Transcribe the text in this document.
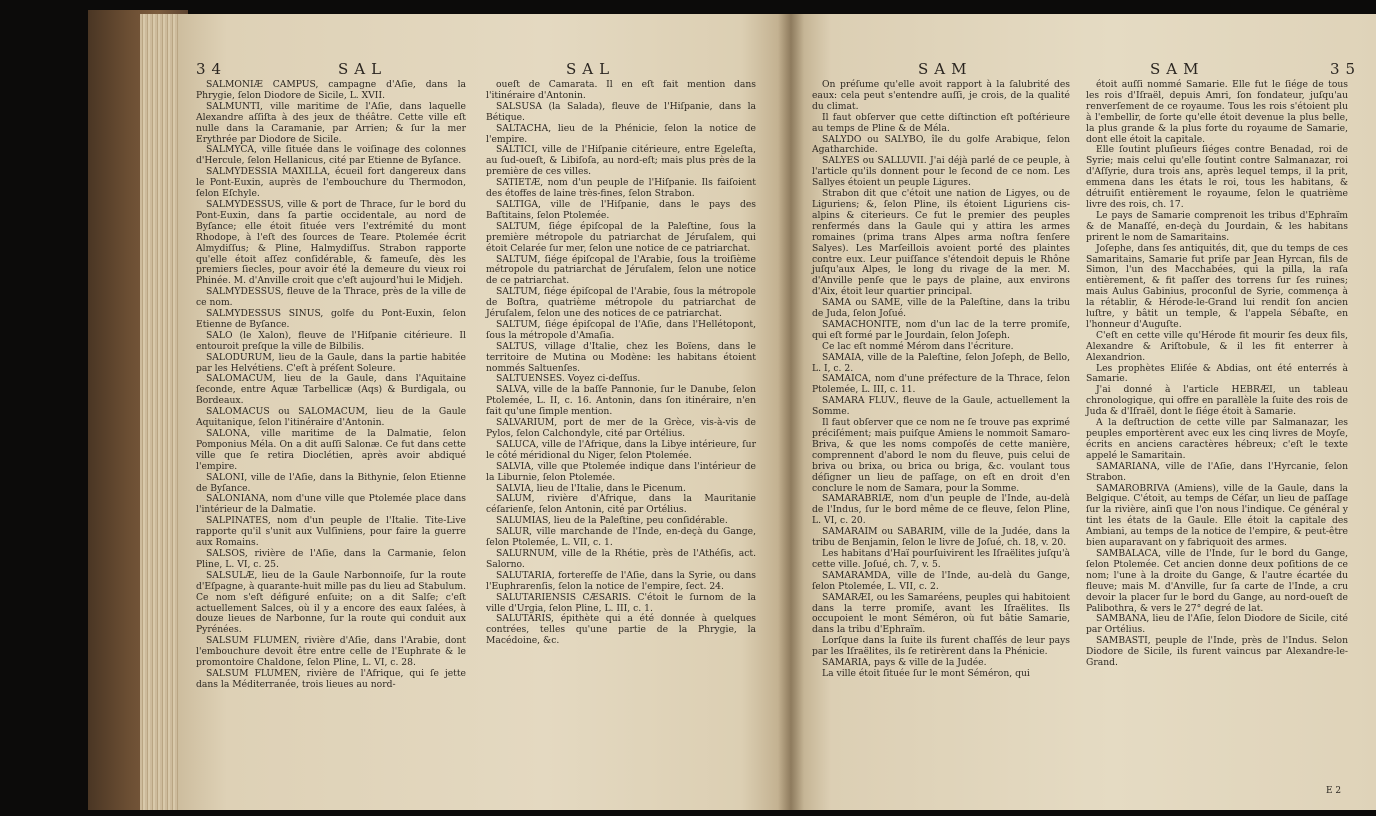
34	SAL	SAL

SALMONIÆ CAMPUS, campagne d'Aſie, dans la Phrygie, ſelon Diodore de Sicile, L. XVII.

SALMUNTI, ville maritime de l'Aſie, dans laquelle Alexandre aſſiſta à des jeux de théâtre. Cette ville eſt nulle dans la Caramanie, par Arrien; & ſur la mer Erythrée par Diodore de Sicile.

SALMYCA, ville ſituée dans le voiſinage des colonnes d'Hercule, ſelon Hellanicus, cité par Etienne de Byſance.

SALMYDESSIA MAXILLA, écueil fort dangereux dans le Pont-Euxin, auprès de l'embouchure du Thermodon, ſelon Eſchyle.

SALMYDESSUS, ville & port de Thrace, ſur le bord du Pont-Euxin, dans ſa partie occidentale, au nord de Byſance; elle étoit ſituée vers l'extrémité du mont Rhodope, à l'eſt des ſources de Teare. Ptolemée écrit Almydiſſus; & Pline, Halmydiſſus. Strabon rapporte qu'elle étoit aſſez conſidérable, & fameuſe, dès les premiers ſiecles, pour avoir été la demeure du vieux roi Phinée. M. d'Anville croit que c'eſt aujourd'hui le Midjeh.

SALMYDESSUS, fleuve de la Thrace, près de la ville de ce nom.

SALMYDESSUS SINUS, golfe du Pont-Euxin, ſelon Etienne de Byſance.

SALO (le Xalon), fleuve de l'Hiſpanie citérieure. Il entouroit preſque la ville de Bilbilis.

SALODURUM, lieu de la Gaule, dans la partie habitée par les Helvétiens. C'eſt à préſent Soleure.

SALOMACUM, lieu de la Gaule, dans l'Aquitaine ſeconde, entre Aquæ Tarbellicæ (Aqs) & Burdigala, ou Bordeaux.

SALOMACUS ou SALOMACUM, lieu de la Gaule Aquitanique, ſelon l'itinéraire d'Antonin.

SALONA, ville maritime de la Dalmatie, ſelon Pomponius Méla. On a dit auſſi Salonæ. Ce fut dans cette ville que ſe retira Dioclétien, après avoir abdiqué l'empire.

SALONI, ville de l'Aſie, dans la Bithynie, ſelon Etienne de Byſance.

SALONIANA, nom d'une ville que Ptolemée place dans l'intérieur de la Dalmatie.

SALPINATES, nom d'un peuple de l'Italie. Tite-Live rapporte qu'il s'unit aux Vulſiniens, pour faire la guerre aux Romains.

SALSOS, rivière de l'Aſie, dans la Carmanie, ſelon Pline, L. VI, c. 25.

SALSULÆ, lieu de la Gaule Narbonnoiſe, ſur la route d'Eſpagne, à quarante-huit mille pas du lieu ad Stabulum. Ce nom s'eſt défiguré enſuite; on a dit Salſe; c'eſt actuellement Salces, où il y a encore des eaux ſalées, à douze lieues de Narbonne, ſur la route qui conduit aux Pyrénées.

SALSUM FLUMEN, rivière d'Aſie, dans l'Arabie, dont l'embouchure devoit être entre celle de l'Euphrate & le promontoire Chaldone, ſelon Pline, L. VI, c. 28.

SALSUM FLUMEN, rivière de l'Afrique, qui ſe jette dans la Méditerranée, trois lieues au nord-

oueſt de Camarata. Il en eſt fait mention dans l'itinéraire d'Antonin.

SALSUSA (la Salada), fleuve de l'Hiſpanie, dans la Bétique.

SALTACHA, lieu de la Phénicie, ſelon la notice de l'empire.

SALTICI, ville de l'Hiſpanie citérieure, entre Egeleſta, au ſud-oueſt, & Libiſoſa, au nord-eſt; mais plus près de la première de ces villes.

SATIETÆ, nom d'un peuple de l'Hiſpanie. Ils faiſoient des étoffes de laine très-fines, ſelon Strabon.

SALTIGA, ville de l'Hiſpanie, dans le pays des Baſtitains, ſelon Ptolemée.

SALTUM, ſiége épiſcopal de la Paleſtine, ſous la première métropole du patriarchat de Jéruſalem, qui étoit Celarée ſur mer, ſelon une notice de ce patriarchat.

SALTUM, ſiége épiſcopal de l'Arabie, ſous la troiſième métropole du patriarchat de Jéruſalem, ſelon une notice de ce patriarchat.

SALTUM, ſiége épiſcopal de l'Arabie, ſous la métropole de Boſtra, quatrième métropole du patriarchat de Jéruſalem, ſelon une des notices de ce patriarchat.

SALTUM, ſiége épiſcopal de l'Aſie, dans l'Hellétopont, ſous la métropole d'Amaſia.

SALTUS, village d'Italie, chez les Boïens, dans le territoire de Mutina ou Modène: les habitans étoient nommés Saltuenſes.

SALTUENSES. Voyez ci-deſſus.

SALVA, ville de la baſſe Pannonie, ſur le Danube, ſelon Ptolemée, L. II, c. 16. Antonin, dans ſon itinéraire, n'en fait qu'une ſimple mention.

SALVARIUM, port de mer de la Grèce, vis-à-vis de Pylos, ſelon Calchondyle, cité par Ortélius.

SALUCA, ville de l'Afrique, dans la Libye intérieure, ſur le côté méridional du Niger, ſelon Ptolemée.

SALVIA, ville que Ptolemée indique dans l'intérieur de la Liburnie, ſelon Ptolemée.

SALVIA, lieu de l'Italie, dans le Picenum.

SALUM, rivière d'Afrique, dans la Mauritanie céſarienſe, ſelon Antonin, cité par Ortélius.

SALUMIAS, lieu de la Paleſtine, peu conſidérable.

SALUR, ville marchande de l'Inde, en-deçà du Gange, ſelon Ptolemée, L. VII, c. 1.

SALURNUM, ville de la Rhétie, près de l'Athéſis, act. Salorno.

SALUTARIA, fortereſſe de l'Aſie, dans la Syrie, ou dans l'Euphrarenſis, ſelon la notice de l'empire, ſect. 24.

SALUTARIENSIS CÆSARIS. C'étoit le ſurnom de la ville d'Urgia, ſelon Pline, L. III, c. 1.

SALUTARIS, épithète qui a été donnée à quelques contrées, telles qu'une partie de la Phrygie, la Macédoine, &c.

SAM	SAM	35

On préſume qu'elle avoit rapport à la ſalubrité des eaux: cela peut s'entendre auſſi, je crois, de la qualité du climat.

Il faut obſerver que cette diſtinction eſt poſtérieure au temps de Pline & de Méla.

SALYDO ou SALYBO, île du golfe Arabique, ſelon Agatharchide.

SALYES ou SALLUVII. J'ai déjà parlé de ce peuple, à l'article qu'ils donnent pour le ſecond de ce nom. Les Sallyes étoient un peuple Ligures.

Strabon dit que c'étoit une nation de Ligyes, ou de Liguriens; &, ſelon Pline, ils étoient Liguriens cis-alpins & citerieurs. Ce fut le premier des peuples renfermés dans la Gaule qui y attira les armes romaines (prima trans Alpes arma noſtra ſenſere Salyes). Les Marſeillois avoient porté des plaintes contre eux. Leur puiſſance s'étendoit depuis le Rhône juſqu'aux Alpes, le long du rivage de la mer. M. d'Anville penſe que le pays de plaine, aux environs d'Aix, étoit leur quartier principal.

SAMA ou SAME, ville de la Paleſtine, dans la tribu de Juda, ſelon Joſué.

SAMACHONITE, nom d'un lac de la terre promiſe, qui eſt formé par le Jourdain, ſelon Joſeph.

Ce lac eſt nommé Mérom dans l'écriture.

SAMAIA, ville de la Paleſtine, ſelon Joſeph, de Bello, L. I, c. 2.

SAMAICA, nom d'une préfecture de la Thrace, ſelon Ptolemée, L. III, c. 11.

SAMARA FLUV., fleuve de la Gaule, actuellement la Somme.

Il faut obſerver que ce nom ne ſe trouve pas exprimé préciſément; mais puiſque Amiens le nommoit Samaro-Briva, & que les noms compoſés de cette manière, comprennent d'abord le nom du fleuve, puis celui de briva ou brixa, ou brica ou briga, &c. voulant tous déſigner un lieu de paſſage, on eſt en droit d'en conclure le nom de Samara, pour la Somme.

SAMARABRIÆ, nom d'un peuple de l'Inde, au-delà de l'Indus, ſur le bord même de ce fleuve, ſelon Pline, L. VI, c. 20.

SAMARAIM ou SABARIM, ville de la Judée, dans la tribu de Benjamin, ſelon le livre de Joſué, ch. 18, v. 20.

Les habitans d'Haï pourſuivirent les Iſraëlites juſqu'à cette ville. Joſué, ch. 7, v. 5.

SAMARAMDA, ville de l'Inde, au-delà du Gange, ſelon Ptolemée, L. VII, c. 2.

SAMARÆI, ou les Samaréens, peuples qui habitoient dans la terre promiſe, avant les Iſraëlites. Ils occupoient le mont Séméron, où fut bâtie Samarie, dans la tribu d'Ephraïm.

Lorſque dans la ſuite ils furent chaſſés de leur pays par les Iſraëlites, ils ſe retirèrent dans la Phénicie.

SAMARIA, pays & ville de la Judée.

La ville étoit ſituée ſur le mont Séméron, qui

étoit auſſi nommé Samarie. Elle fut le ſiége de tous les rois d'Iſraël, depuis Amri, ſon fondateur, juſqu'au renverſement de ce royaume. Tous les rois s'étoient plu à l'embellir, de ſorte qu'elle étoit devenue la plus belle, la plus grande & la plus forte du royaume de Samarie, dont elle étoit la capitale.

Elle ſoutint pluſieurs ſiéges contre Benadad, roi de Syrie; mais celui qu'elle ſoutint contre Salmanazar, roi d'Aſſyrie, dura trois ans, après lequel temps, il la prit, emmena dans les états le roi, tous les habitans, & détruiſit entièrement le royaume, ſelon le quatrième livre des rois, ch. 17.

Le pays de Samarie comprenoit les tribus d'Ephraïm & de Manaſſé, en-deçà du Jourdain, & les habitans prirent le nom de Samaritains.

Joſephe, dans ſes antiquités, dit, que du temps de ces Samaritains, Samarie fut priſe par Jean Hyrcan, fils de Simon, l'un des Macchabées, qui la pilla, la raſa entièrement, & fit paſſer des torrens ſur ſes ruines; mais Aulus Gabinius, proconſul de Syrie, commença à la rétablir, & Hérode-le-Grand lui rendit ſon ancien luſtre, y bâtit un temple, & l'appela Sébaſte, en l'honneur d'Auguſte.

C'eſt en cette ville qu'Hérode fit mourir ſes deux fils, Alexandre & Ariſtobule, & il les fit enterrer à Alexandrion.

Les prophètes Eliſée & Abdias, ont été enterrés à Samarie.

J'ai donné à l'article HEBRÆI, un tableau chronologique, qui offre en parallèle la ſuite des rois de Juda & d'Iſraël, dont le ſiége étoit à Samarie.

A la deſtruction de cette ville par Salmanazar, les peuples emportèrent avec eux les cinq livres de Moyſe, écrits en anciens caractères hébreux; c'eſt le texte appelé le Samaritain.

SAMARIANA, ville de l'Aſie, dans l'Hyrcanie, ſelon Strabon.

SAMAROBRIVA (Amiens), ville de la Gaule, dans la Belgique. C'étoit, au temps de Céſar, un lieu de paſſage ſur la rivière, ainſi que l'on nous l'indique. Ce général y tint les états de la Gaule. Elle étoit la capitale des Ambiani, au temps de la notice de l'empire, & peut-être bien auparavant on y fabriquoit des armes.

SAMBALACA, ville de l'Inde, ſur le bord du Gange, ſelon Ptolemée. Cet ancien donne deux poſitions de ce nom; l'une à la droite du Gange, & l'autre écartée du fleuve; mais M. d'Anville, ſur ſa carte de l'Inde, a cru devoir la placer ſur le bord du Gange, au nord-oueſt de Palibothra, & vers le 27° degré de lat.

SAMBANA, lieu de l'Aſie, ſelon Diodore de Sicile, cité par Ortélius.

SAMBASTI, peuple de l'Inde, près de l'Indus. Selon Diodore de Sicile, ils furent vaincus par Alexandre-le-Grand.

E 2
